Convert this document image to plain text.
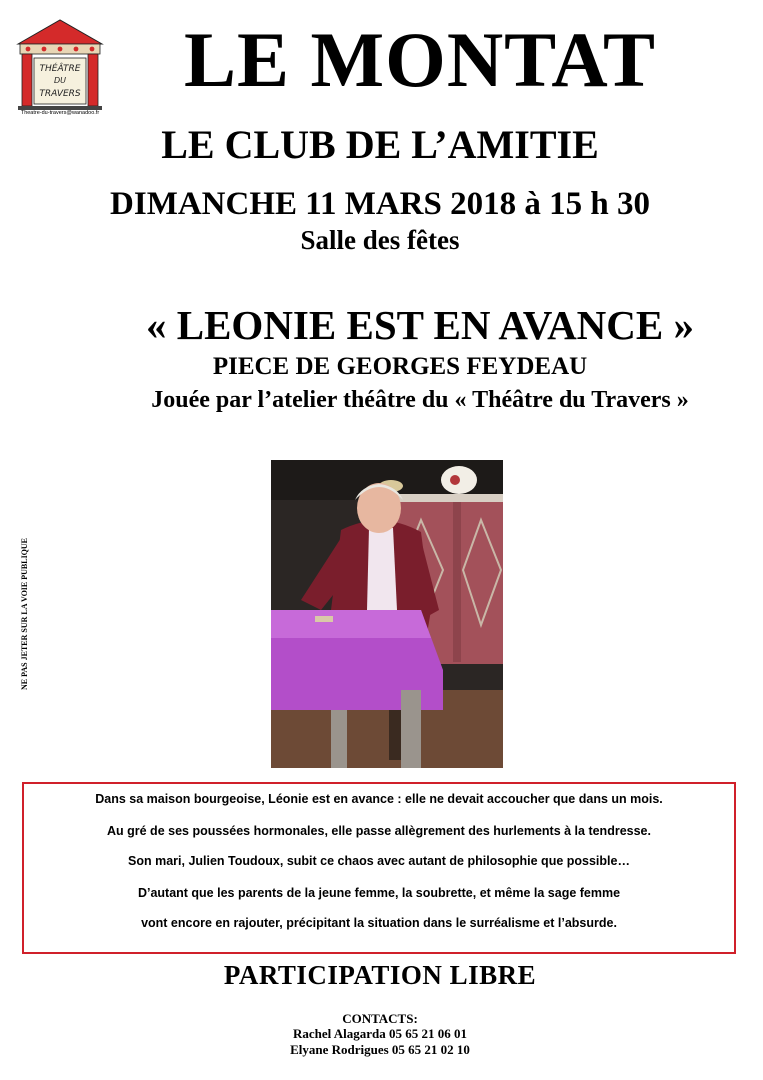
THÉÂTRE
DU
TRAVERS
Theatre-du-travers@wanadoo.fr
LE MONTAT
LE CLUB DE L’AMITIE
DIMANCHE 11 MARS 2018 à 15 h 30
Salle des fêtes
« LEONIE EST EN AVANCE »
PIECE DE GEORGES FEYDEAU
Jouée par l’atelier théâtre du « Théâtre du Travers »
NE PAS JETER SUR LA VOIE PUBLIQUE

Dans sa maison bourgeoise, Léonie est en avance : elle ne devait accoucher que dans un mois.

Au gré de ses poussées hormonales, elle passe allègrement des hurlements à la tendresse.

Son mari, Julien Toudoux, subit ce chaos avec autant de philosophie que possible…

D’autant que les parents de la jeune femme, la soubrette, et même la sage femme

vont encore en rajouter, précipitant la situation dans le surréalisme et l’absurde.

PARTICIPATION LIBRE
CONTACTS:
Rachel Alagarda 05 65 21 06 01
Elyane Rodrigues 05 65 21 02 10
